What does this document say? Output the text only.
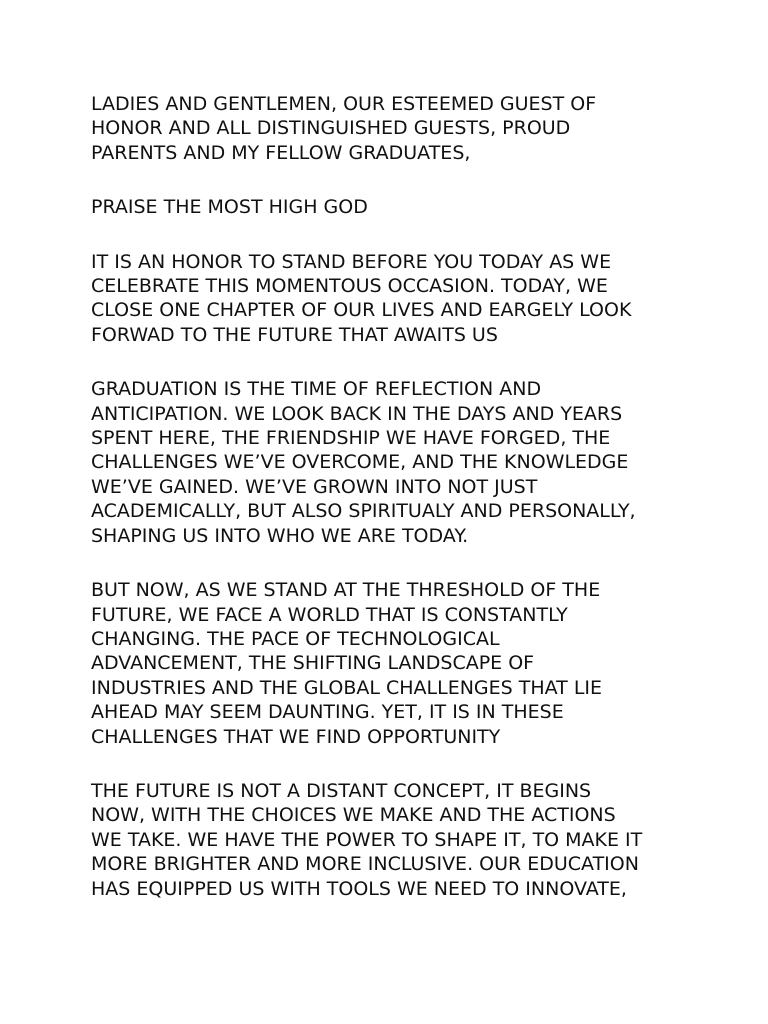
LADIES AND GENTLEMEN, OUR ESTEEMED GUEST OF
HONOR AND ALL DISTINGUISHED GUESTS, PROUD
PARENTS AND MY FELLOW GRADUATES,
PRAISE THE MOST HIGH GOD
IT IS AN HONOR TO STAND BEFORE YOU TODAY AS WE
CELEBRATE THIS MOMENTOUS OCCASION. TODAY, WE
CLOSE ONE CHAPTER OF OUR LIVES AND EARGELY LOOK
FORWAD TO THE FUTURE THAT AWAITS US
GRADUATION IS THE TIME OF REFLECTION AND
ANTICIPATION. WE LOOK BACK IN THE DAYS AND YEARS
SPENT HERE, THE FRIENDSHIP WE HAVE FORGED, THE
CHALLENGES WE’VE OVERCOME, AND THE KNOWLEDGE
WE’VE GAINED. WE’VE GROWN INTO NOT JUST
ACADEMICALLY, BUT ALSO SPIRITUALY AND PERSONALLY,
SHAPING US INTO WHO WE ARE TODAY.
BUT NOW, AS WE STAND AT THE THRESHOLD OF THE
FUTURE, WE FACE A WORLD THAT IS CONSTANTLY
CHANGING. THE PACE OF TECHNOLOGICAL
ADVANCEMENT, THE SHIFTING LANDSCAPE OF
INDUSTRIES AND THE GLOBAL CHALLENGES THAT LIE
AHEAD MAY SEEM DAUNTING. YET, IT IS IN THESE
CHALLENGES THAT WE FIND OPPORTUNITY
THE FUTURE IS NOT A DISTANT CONCEPT, IT BEGINS
NOW, WITH THE CHOICES WE MAKE AND THE ACTIONS
WE TAKE. WE HAVE THE POWER TO SHAPE IT, TO MAKE IT
MORE BRIGHTER AND MORE INCLUSIVE. OUR EDUCATION
HAS EQUIPPED US WITH TOOLS WE NEED TO INNOVATE,
